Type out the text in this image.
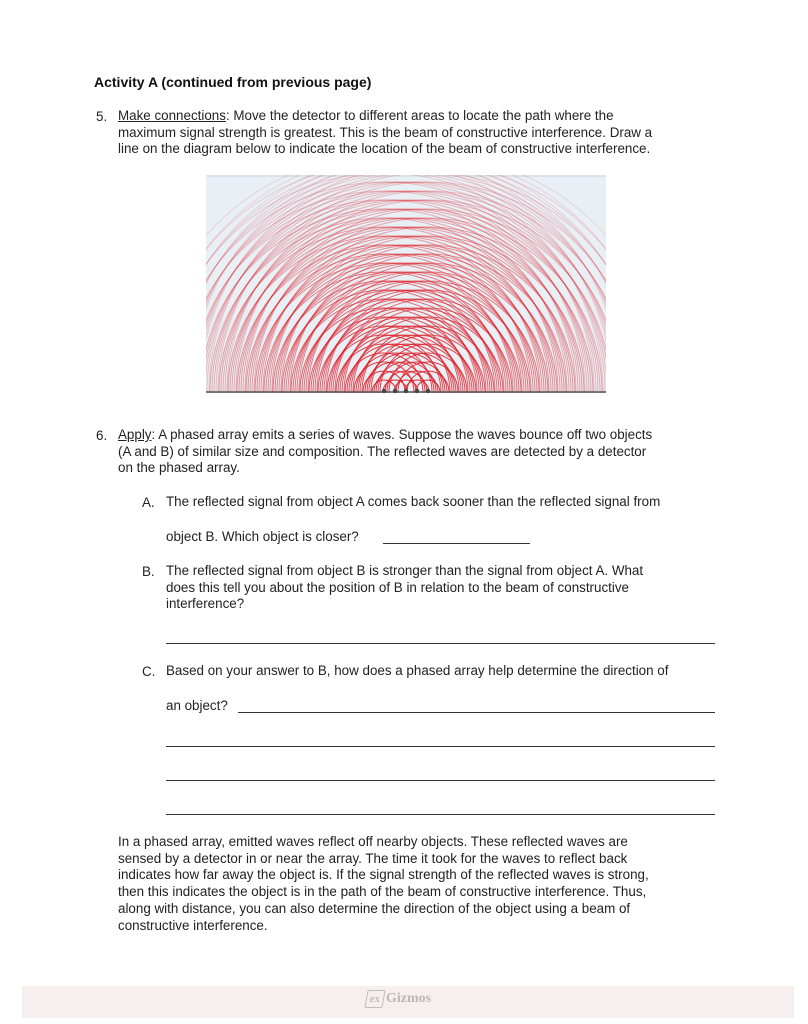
Activity A (continued from previous page)
5. Make connections: Move the detector to different areas to locate the path where the
maximum signal strength is greatest. This is the beam of constructive interference. Draw a
line on the diagram below to indicate the location of the beam of constructive interference.
6. Apply: A phased array emits a series of waves. Suppose the waves bounce off two objects
(A and B) of similar size and composition. The reflected waves are detected by a detector
on the phased array.
A. The reflected signal from object A comes back sooner than the reflected signal from
object B. Which object is closer?
B. The reflected signal from object B is stronger than the signal from object A. What
does this tell you about the position of B in relation to the beam of constructive
interference?
C. Based on your answer to B, how does a phased array help determine the direction of
an object?
In a phased array, emitted waves reflect off nearby objects. These reflected waves are
sensed by a detector in or near the array. The time it took for the waves to reflect back
indicates how far away the object is. If the signal strength of the reflected waves is strong,
then this indicates the object is in the path of the beam of constructive interference. Thus,
along with distance, you can also determine the direction of the object using a beam of
constructive interference.
ex Gizmos
